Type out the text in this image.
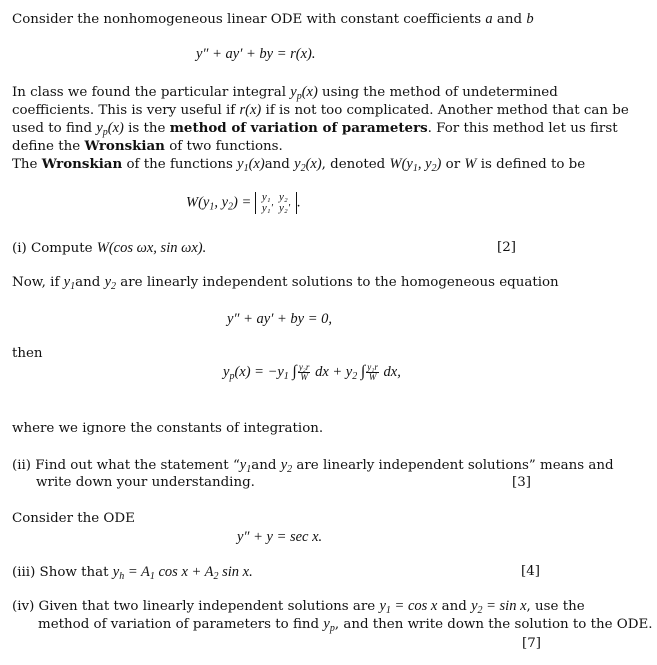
Consider the nonhomogeneous linear ODE with constant coefficients a and b
y″ + ay′ + by = r(x).
In class we found the particular integral $y_p(x)$ using the method of undetermined
coefficients. This is very useful if r(x) if is not too complicated. Another method that can be
used to find $y_p(x)$ is the method of variation of parameters. For this method let us first
define the Wronskian of two functions.
The Wronskian of the functions $y_1(x)and$ $y_2(x)$, denoted $W(y_1$, $y_2$) or W is defined to be
$W(y_1$, $y_2) = y_1$	y₂
y₁′	y₂′ .
(i) Compute W(cos ωx, sin ωx).	[2]
Now, if $y_1and$ $y_2$ are linearly independent solutions to the homogeneous equation
y″ + ay′ + by = 0,
then
$y_p(x) = -y_1$ ∫ $\frac{\text{y₂r}}{W}$ dx + $y_2$ ∫ $\frac{\text{y₁r}}{W}$ dx,
where we ignore the constants of integration.
(ii) Find out what the statement “$y_1and$ $y_2$ are linearly independent solutions” means and
write down your understanding.	[3]
Consider the ODE
y″ + y = sec x.
(iii) Show that $y_h = A_1$ $\cos x + A_2$ sin x.	[4]
(iv) Given that two linearly independent solutions are $y_1 = \cos x$ and $y_2 = \sin x$, use the
method of variation of parameters to find $y_p$, and then write down the solution to the ODE.
[7]
